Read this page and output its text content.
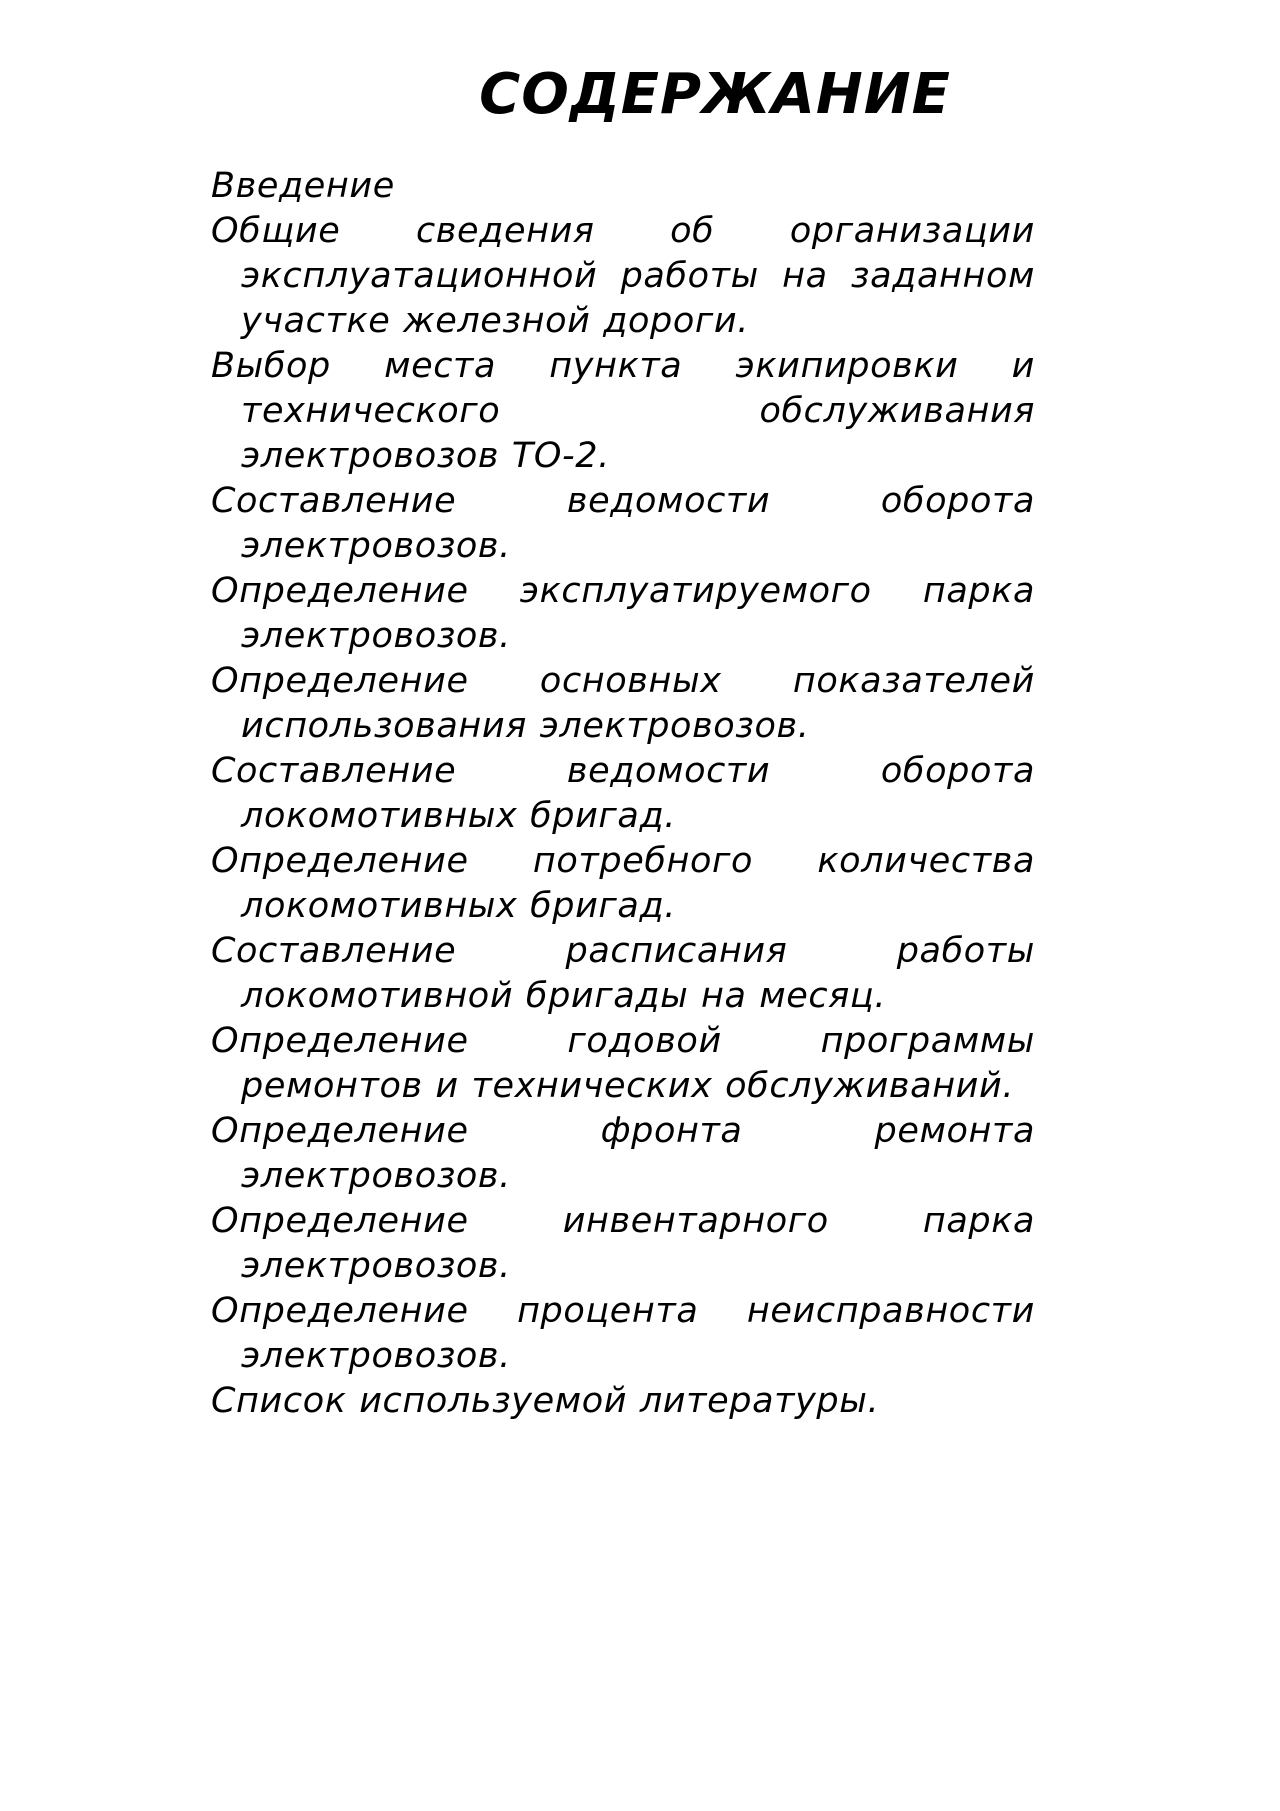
СОДЕРЖАНИЕ
Введение
Общие сведения об организации эксплуатационной работы на заданном участке железной дороги.
Выбор места пункта экипировки и технического обслуживания электровозов ТО-2.
Составление ведомости оборота электровозов.
Определение эксплуатируемого парка электровозов.
Определение основных показателей использования электровозов.
Составление ведомости оборота локомотивных бригад.
Определение потребного количества локомотивных бригад.
Составление расписания работы локомотивной бригады на месяц.
Определение годовой программы ремонтов и технических обслуживаний.
Определение фронта ремонта электровозов.
Определение инвентарного парка электровозов.
Определение процента неисправности электровозов.
Список используемой литературы.
